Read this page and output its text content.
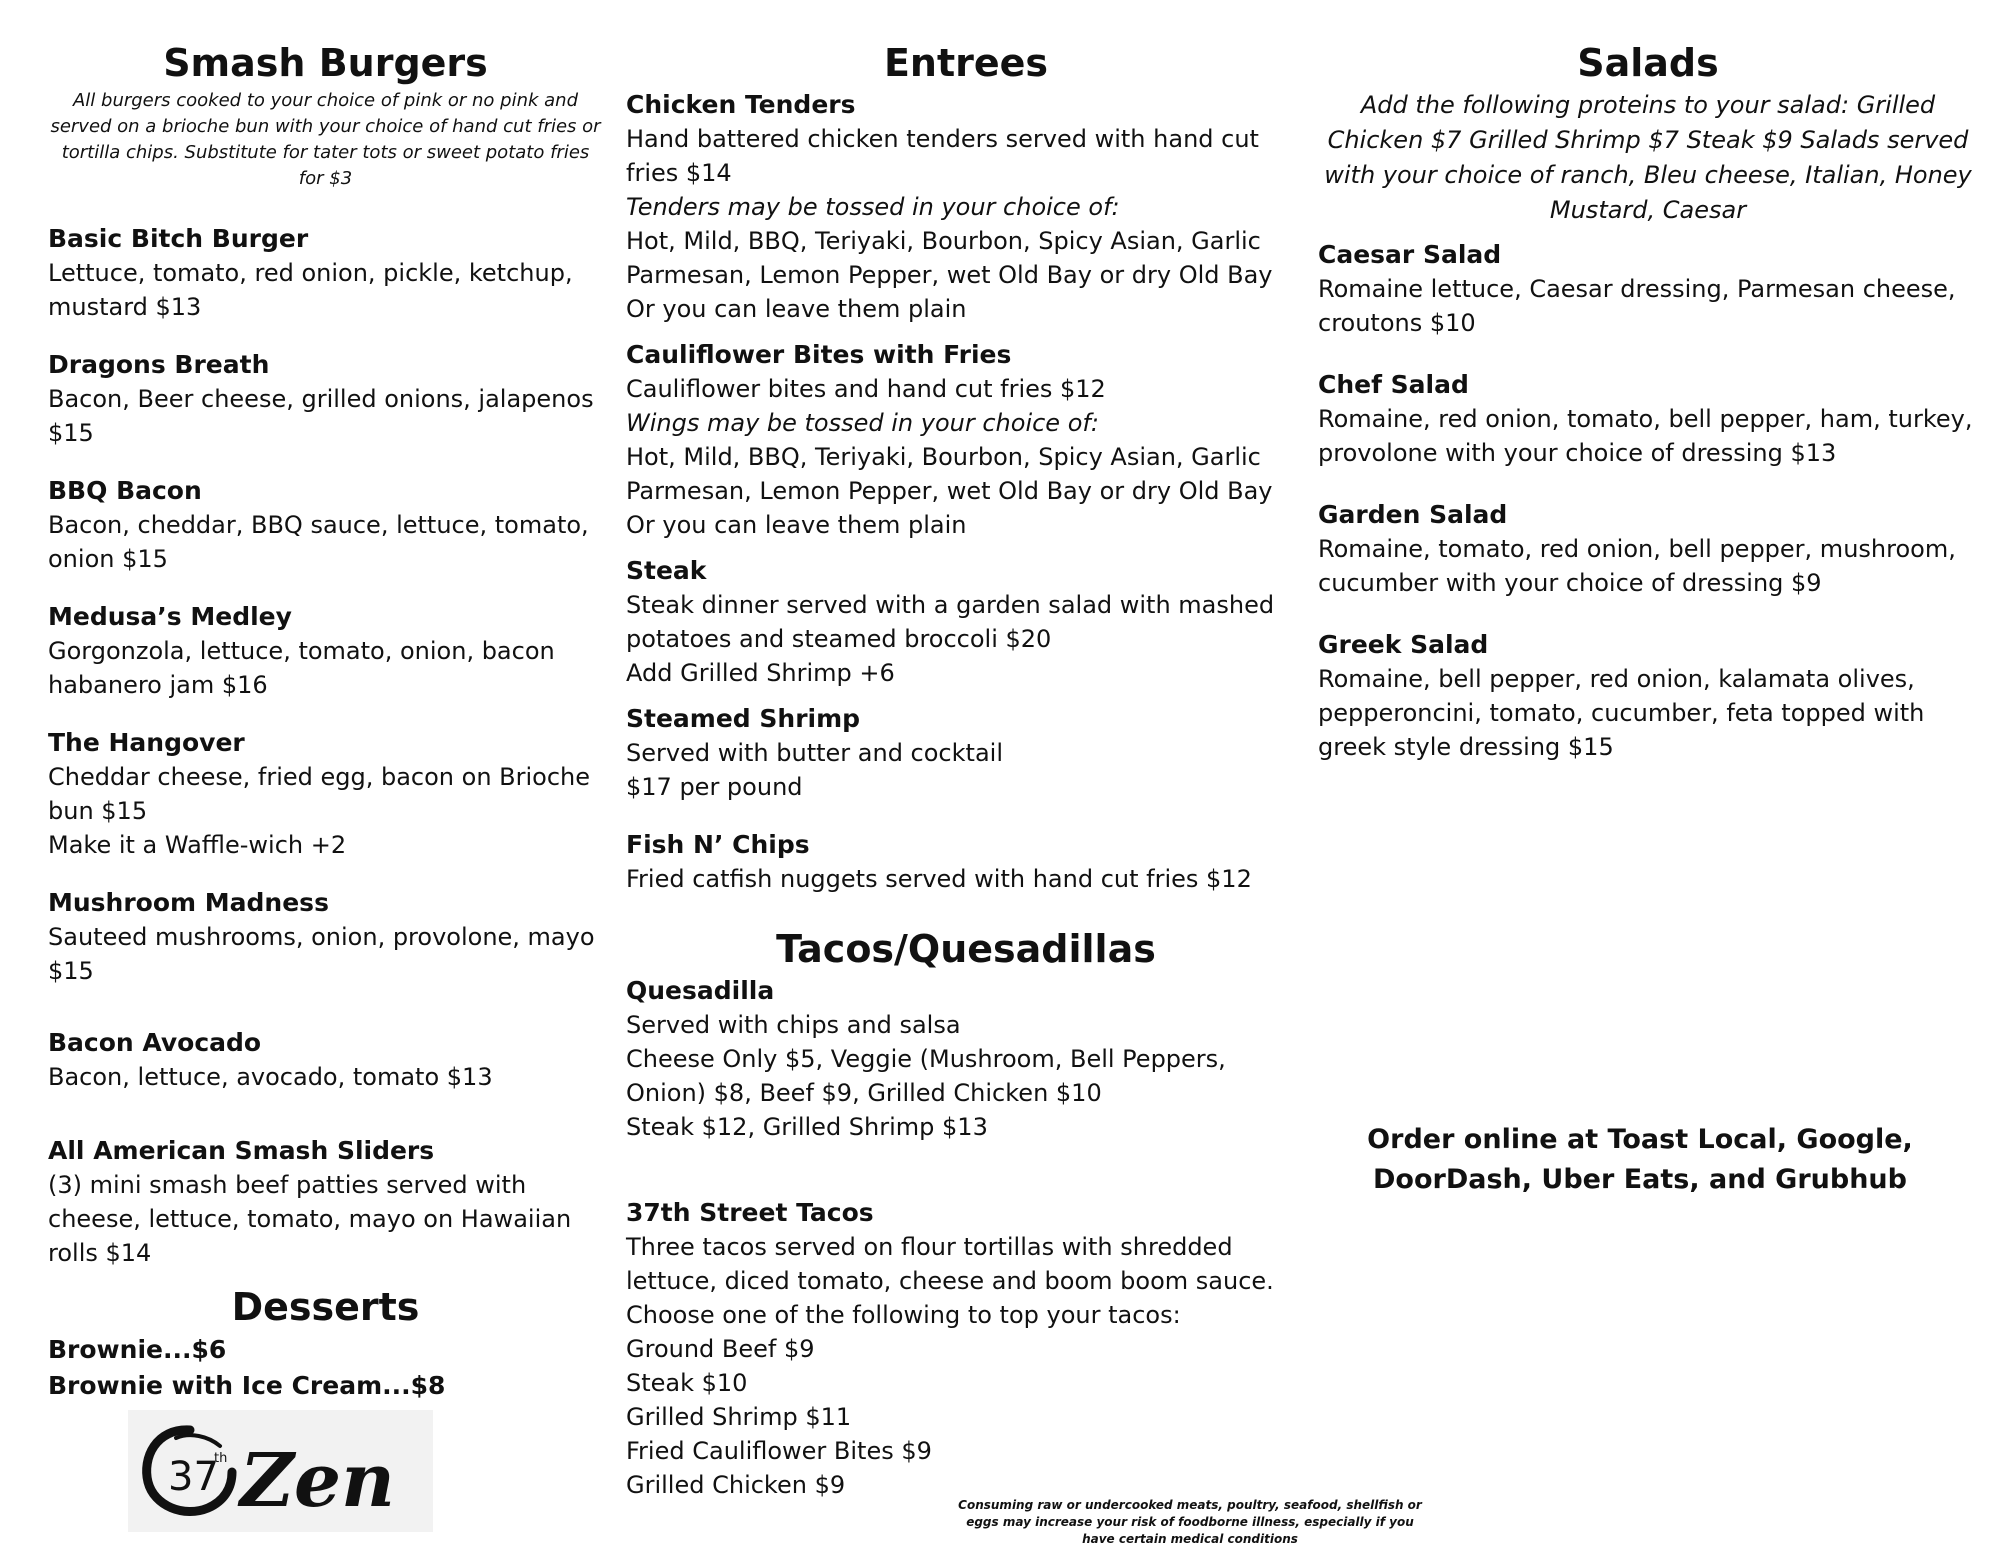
Smash Burgers
All burgers cooked to your choice of pink or no pink and served on a brioche bun with your choice of hand cut fries or tortilla chips. Substitute for tater tots or sweet potato fries for $3
Basic Bitch Burger
Lettuce, tomato, red onion, pickle, ketchup, mustard $13
Dragons Breath
Bacon, Beer cheese, grilled onions, jalapenos $15
BBQ Bacon
Bacon, cheddar, BBQ sauce, lettuce, tomato, onion $15
Medusa’s Medley
Gorgonzola, lettuce, tomato, onion, bacon habanero jam $16
The Hangover
Cheddar cheese, fried egg, bacon on Brioche bun $15
Make it a Waffle-wich +2
Mushroom Madness
Sauteed mushrooms, onion, provolone, mayo $15
Bacon Avocado
Bacon, lettuce, avocado, tomato $13
All American Smash Sliders
(3) mini smash beef patties served with cheese, lettuce, tomato, mayo on Hawaiian rolls $14
Desserts
Brownie...$6
Brownie with Ice Cream...$8
37
th Zen
Entrees
Chicken Tenders
Hand battered chicken tenders served with hand cut fries $14
Tenders may be tossed in your choice of:
Hot, Mild, BBQ, Teriyaki, Bourbon, Spicy Asian, Garlic Parmesan, Lemon Pepper, wet Old Bay or dry Old Bay
Or you can leave them plain
Cauliflower Bites with Fries
Cauliflower bites and hand cut fries $12
Wings may be tossed in your choice of:
Hot, Mild, BBQ, Teriyaki, Bourbon, Spicy Asian, Garlic Parmesan, Lemon Pepper, wet Old Bay or dry Old Bay
Or you can leave them plain
Steak
Steak dinner served with a garden salad with mashed potatoes and steamed broccoli $20
Add Grilled Shrimp +6
Steamed Shrimp
Served with butter and cocktail
$17 per pound
Fish N’ Chips
Fried catfish nuggets served with hand cut fries $12
Tacos/Quesadillas
Quesadilla
Served with chips and salsa
Cheese Only $5, Veggie (Mushroom, Bell Peppers, Onion) $8, Beef $9, Grilled Chicken $10
Steak $12, Grilled Shrimp $13
37th Street Tacos
Three tacos served on flour tortillas with shredded lettuce, diced tomato, cheese and boom boom sauce.
Choose one of the following to top your tacos:
Ground Beef $9
Steak $10
Grilled Shrimp $11
Fried Cauliflower Bites $9
Grilled Chicken $9
Salads
Add the following proteins to your salad: Grilled Chicken $7 Grilled Shrimp $7 Steak $9 Salads served with your choice of ranch, Bleu cheese, Italian, Honey Mustard, Caesar
Caesar Salad
Romaine lettuce, Caesar dressing, Parmesan cheese, croutons $10
Chef Salad
Romaine, red onion, tomato, bell pepper, ham, turkey, provolone with your choice of dressing $13
Garden Salad
Romaine, tomato, red onion, bell pepper, mushroom, cucumber with your choice of dressing $9
Greek Salad
Romaine, bell pepper, red onion, kalamata olives, pepperoncini, tomato, cucumber, feta topped with greek style dressing $15
Order online at Toast Local, Google, DoorDash, Uber Eats, and Grubhub
Consuming raw or undercooked meats, poultry, seafood, shellfish or eggs may increase your risk of foodborne illness, especially if you have certain medical conditions
